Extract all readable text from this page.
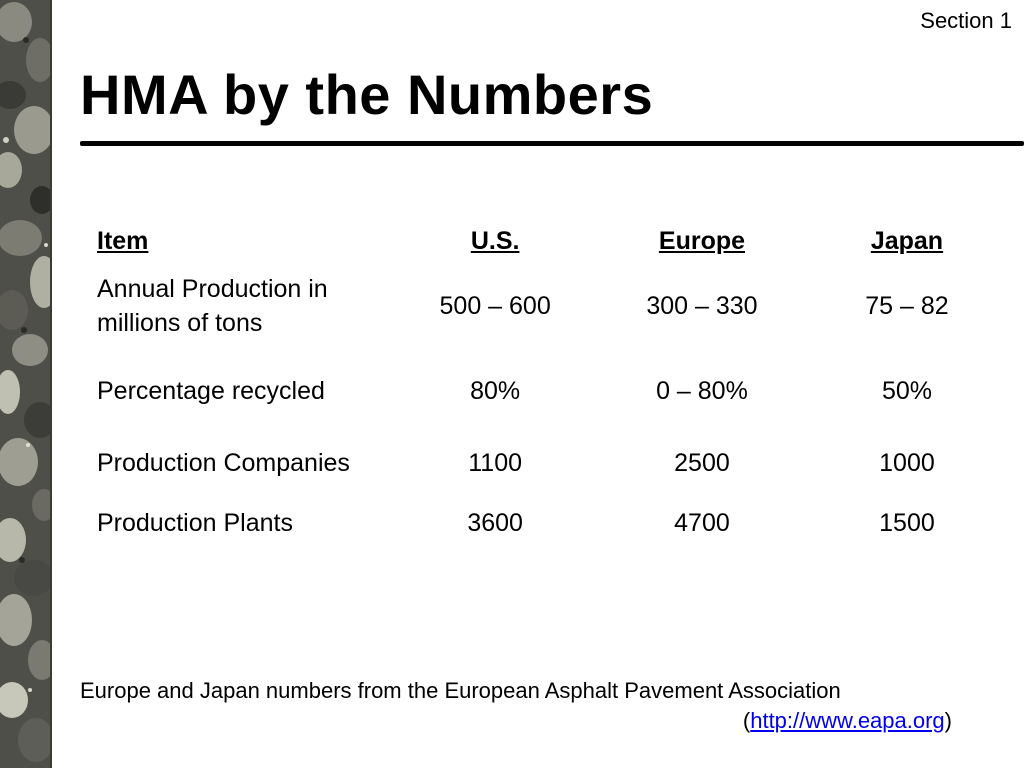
Section 1
HMA by the Numbers
Item	U.S.	Europe	Japan
Annual Production in millions of tons	500 – 600	300 – 330	75 – 82
Percentage recycled	80%	0 – 80%	50%
Production Companies	1100	2500	1000
Production Plants	3600	4700	1500
Europe and Japan numbers from the European Asphalt Pavement Association
(http://www.eapa.org)
